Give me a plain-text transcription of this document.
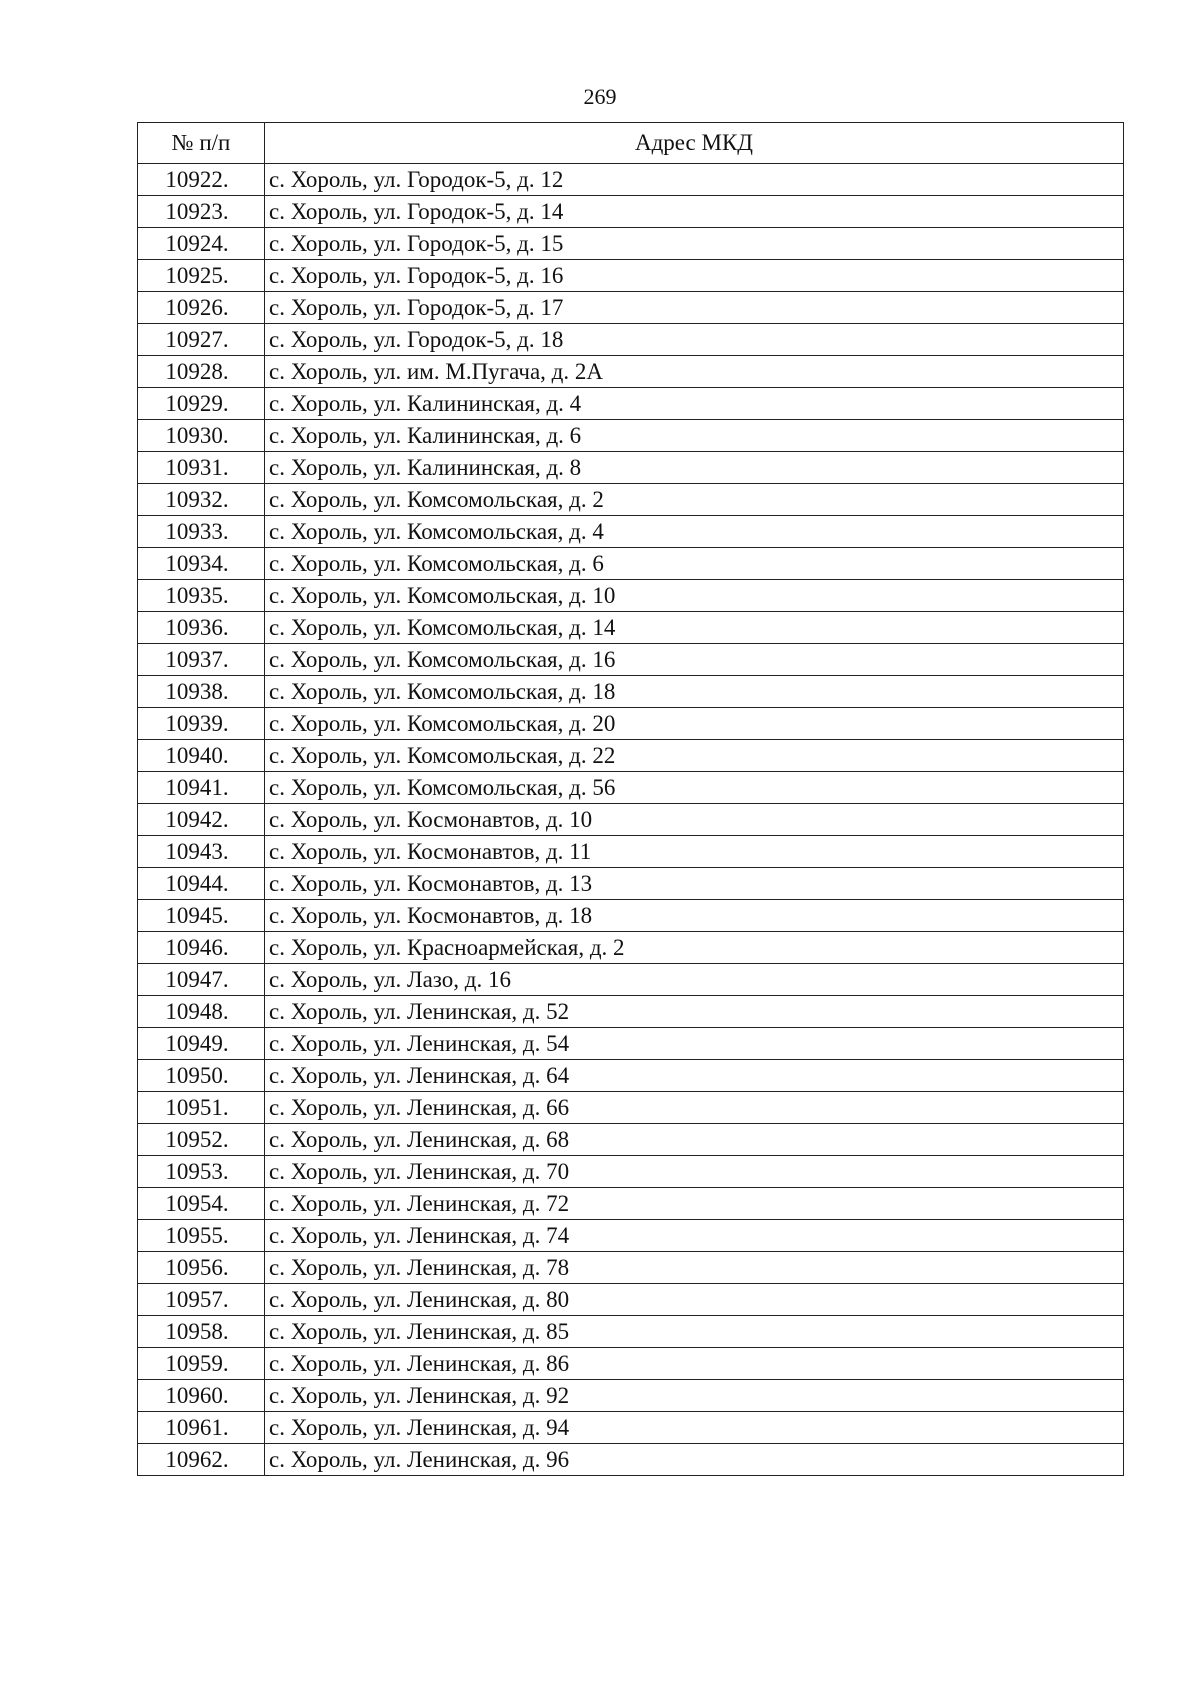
269
№ п/п	Адрес МКД
10922.	с. Хороль, ул. Городок-5, д. 12
10923.	с. Хороль, ул. Городок-5, д. 14
10924.	с. Хороль, ул. Городок-5, д. 15
10925.	с. Хороль, ул. Городок-5, д. 16
10926.	с. Хороль, ул. Городок-5, д. 17
10927.	с. Хороль, ул. Городок-5, д. 18
10928.	с. Хороль, ул. им. М.Пугача, д. 2А
10929.	с. Хороль, ул. Калининская, д. 4
10930.	с. Хороль, ул. Калининская, д. 6
10931.	с. Хороль, ул. Калининская, д. 8
10932.	с. Хороль, ул. Комсомольская, д. 2
10933.	с. Хороль, ул. Комсомольская, д. 4
10934.	с. Хороль, ул. Комсомольская, д. 6
10935.	с. Хороль, ул. Комсомольская, д. 10
10936.	с. Хороль, ул. Комсомольская, д. 14
10937.	с. Хороль, ул. Комсомольская, д. 16
10938.	с. Хороль, ул. Комсомольская, д. 18
10939.	с. Хороль, ул. Комсомольская, д. 20
10940.	с. Хороль, ул. Комсомольская, д. 22
10941.	с. Хороль, ул. Комсомольская, д. 56
10942.	с. Хороль, ул. Космонавтов, д. 10
10943.	с. Хороль, ул. Космонавтов, д. 11
10944.	с. Хороль, ул. Космонавтов, д. 13
10945.	с. Хороль, ул. Космонавтов, д. 18
10946.	с. Хороль, ул. Красноармейская, д. 2
10947.	с. Хороль, ул. Лазо, д. 16
10948.	с. Хороль, ул. Ленинская, д. 52
10949.	с. Хороль, ул. Ленинская, д. 54
10950.	с. Хороль, ул. Ленинская, д. 64
10951.	с. Хороль, ул. Ленинская, д. 66
10952.	с. Хороль, ул. Ленинская, д. 68
10953.	с. Хороль, ул. Ленинская, д. 70
10954.	с. Хороль, ул. Ленинская, д. 72
10955.	с. Хороль, ул. Ленинская, д. 74
10956.	с. Хороль, ул. Ленинская, д. 78
10957.	с. Хороль, ул. Ленинская, д. 80
10958.	с. Хороль, ул. Ленинская, д. 85
10959.	с. Хороль, ул. Ленинская, д. 86
10960.	с. Хороль, ул. Ленинская, д. 92
10961.	с. Хороль, ул. Ленинская, д. 94
10962.	с. Хороль, ул. Ленинская, д. 96
